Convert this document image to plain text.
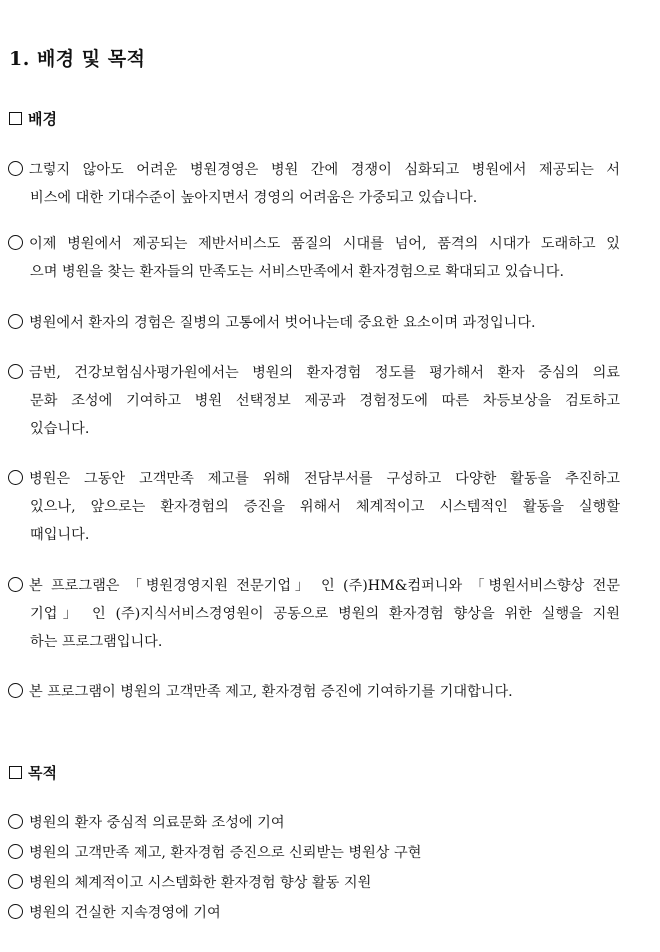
1. 배경 및 목적
배경
그렇지 않아도 어려운 병원경영은 병원 간에 경쟁이 심화되고 병원에서 제공되는 서
비스에 대한 기대수준이 높아지면서 경영의 어려움은 가중되고 있습니다.
이제 병원에서 제공되는 제반서비스도 품질의 시대를 넘어, 품격의 시대가 도래하고 있
으며 병원을 찾는 환자들의 만족도는 서비스만족에서 환자경험으로 확대되고 있습니다.
병원에서 환자의 경험은 질병의 고통에서 벗어나는데 중요한 요소이며 과정입니다.
금번, 건강보험심사평가원에서는 병원의 환자경험 정도를 평가해서 환자 중심의 의료
문화 조성에 기여하고 병원 선택정보 제공과 경험정도에 따른 차등보상을 검토하고
있습니다.
병원은 그동안 고객만족 제고를 위해 전담부서를 구성하고 다양한 활동을 추진하고
있으나, 앞으로는 환자경험의 증진을 위해서 체계적이고 시스템적인 활동을 실행할
때입니다.
본 프로그램은 「병원경영지원 전문기업」 인 (주)HM&컴퍼니와 「병원서비스향상 전문
기업」 인 (주)지식서비스경영원이 공동으로 병원의 환자경험 향상을 위한 실행을 지원
하는 프로그램입니다.
본 프로그램이 병원의 고객만족 제고, 환자경험 증진에 기여하기를 기대합니다.
목적
병원의 환자 중심적 의료문화 조성에 기여
병원의 고객만족 제고, 환자경험 증진으로 신뢰받는 병원상 구현
병원의 체계적이고 시스템화한 환자경험 향상 활동 지원
병원의 건실한 지속경영에 기여
